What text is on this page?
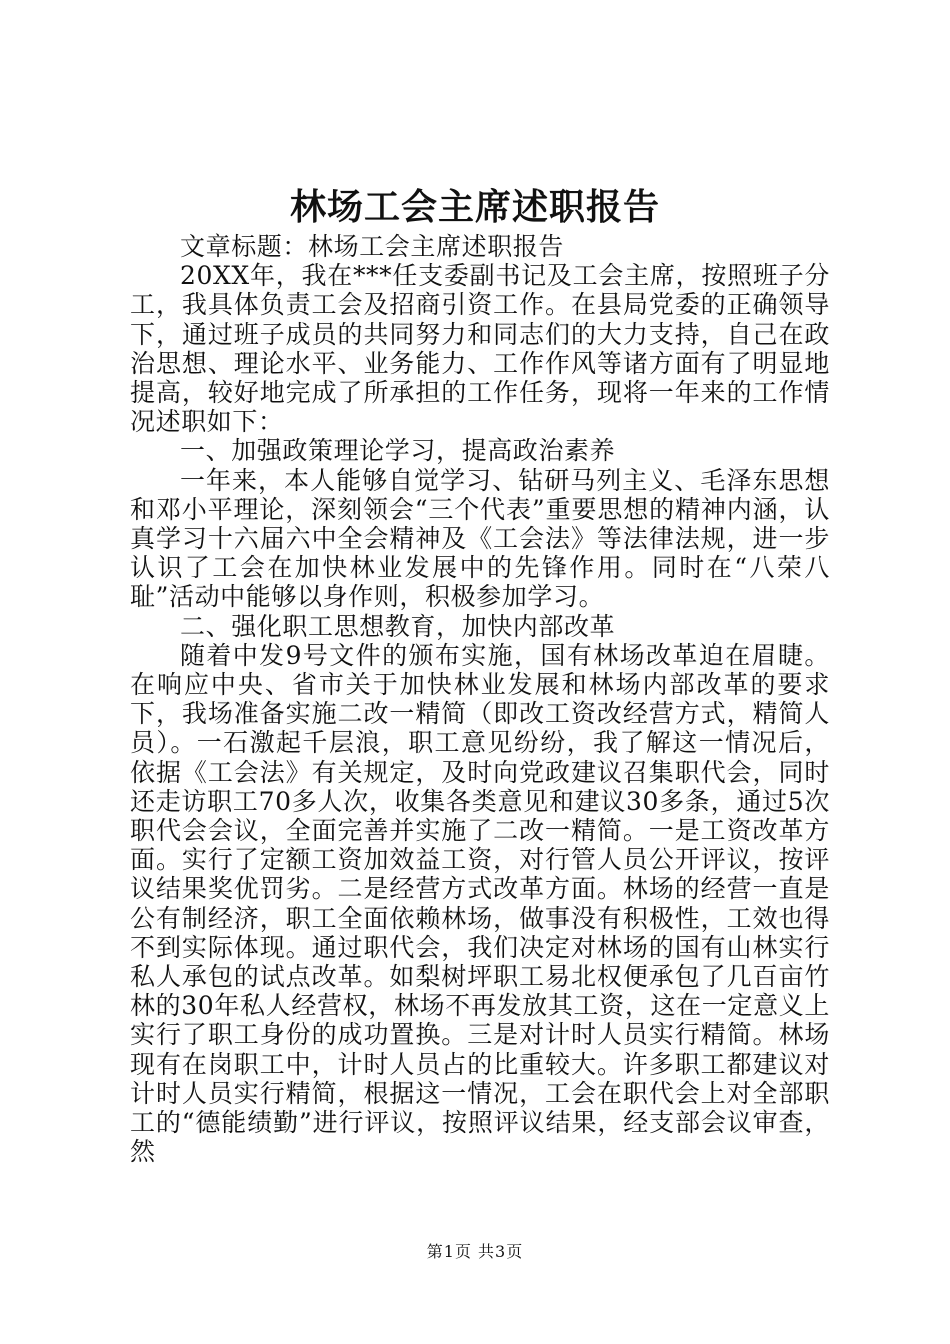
林场工会主席述职报告

文章标题：林场工会主席述职报告

20XX年，我在***任支委副书记及工会主席，按照班子分工，我具体负责工会及招商引资工作。在县局党委的正确领导下，通过班子成员的共同努力和同志们的大力支持，自己在政治思想、理论水平、业务能力、工作作风等诸方面有了明显地提高，较好地完成了所承担的工作任务，现将一年来的工作情况述职如下：

一、加强政策理论学习，提高政治素养

一年来，本人能够自觉学习、钻研马列主义、毛泽东思想和邓小平理论，深刻领会“三个代表”重要思想的精神内涵，认真学习十六届六中全会精神及《工会法》等法律法规，进一步认识了工会在加快林业发展中的先锋作用。同时在“八荣八耻”活动中能够以身作则，积极参加学习。

二、强化职工思想教育，加快内部改革

随着中发9号文件的颁布实施，国有林场改革迫在眉睫。在响应中央、省市关于加快林业发展和林场内部改革的要求下，我场准备实施二改一精简（即改工资改经营方式，精简人员）。一石激起千层浪，职工意见纷纷，我了解这一情况后，依据《工会法》有关规定，及时向党政建议召集职代会，同时还走访职工70多人次，收集各类意见和建议30多条，通过5次职代会会议，全面完善并实施了二改一精简。一是工资改革方面。实行了定额工资加效益工资，对行管人员公开评议，按评议结果奖优罚劣。二是经营方式改革方面。林场的经营一直是公有制经济，职工全面依赖林场，做事没有积极性，工效也得不到实际体现。通过职代会，我们决定对林场的国有山林实行私人承包的试点改革。如梨树坪职工易北权便承包了几百亩竹林的30年私人经营权，林场不再发放其工资，这在一定意义上实行了职工身份的成功置换。三是对计时人员实行精简。林场现有在岗职工中，计时人员占的比重较大。许多职工都建议对计时人员实行精简，根据这一情况，工会在职代会上对全部职工的“德能绩勤”进行评议，按照评议结果，经支部会议审查，然

第1页 共3页
